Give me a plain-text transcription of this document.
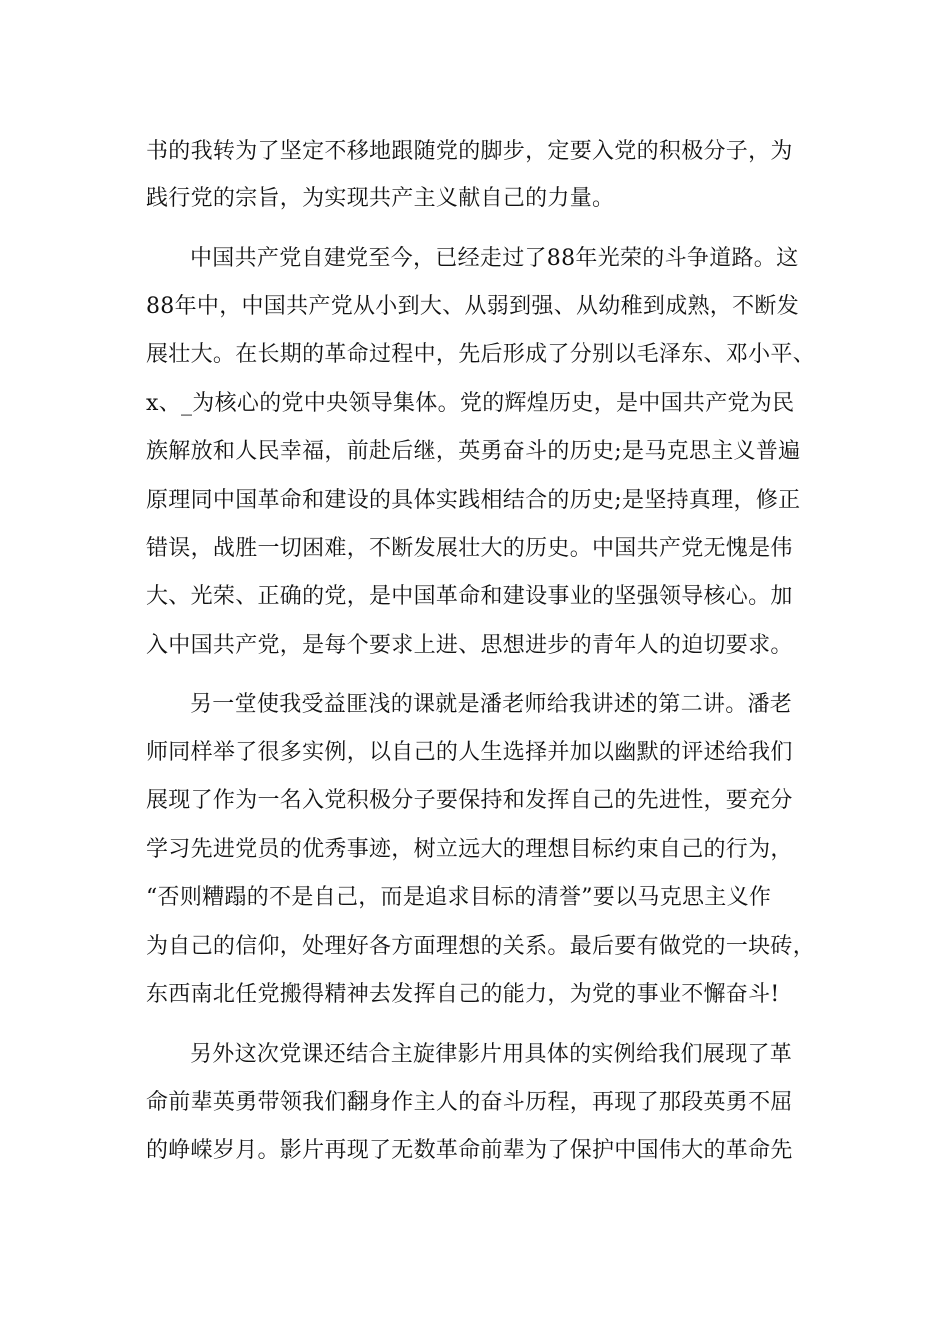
书的我转为了坚定不移地跟随党的脚步，定要入党的积极分子，为
践行党的宗旨，为实现共产主义献自己的力量。
中国共产党自建党至今，已经走过了88年光荣的斗争道路。这
88年中，中国共产党从小到大、从弱到强、从幼稚到成熟，不断发
展壮大。在长期的革命过程中，先后形成了分别以毛泽东、邓小平、
x、_为核心的党中央领导集体。党的辉煌历史，是中国共产党为民
族解放和人民幸福，前赴后继，英勇奋斗的历史;是马克思主义普遍
原理同中国革命和建设的具体实践相结合的历史;是坚持真理，修正
错误，战胜一切困难，不断发展壮大的历史。中国共产党无愧是伟
大、光荣、正确的党，是中国革命和建设事业的坚强领导核心。加
入中国共产党，是每个要求上进、思想进步的青年人的迫切要求。
另一堂使我受益匪浅的课就是潘老师给我讲述的第二讲。潘老
师同样举了很多实例，以自己的人生选择并加以幽默的评述给我们
展现了作为一名入党积极分子要保持和发挥自己的先进性，要充分
学习先进党员的优秀事迹，树立远大的理想目标约束自己的行为，
“否则糟蹋的不是自己，而是追求目标的清誉”要以马克思主义作
为自己的信仰，处理好各方面理想的关系。最后要有做党的一块砖，
东西南北任党搬得精神去发挥自己的能力，为党的事业不懈奋斗!
另外这次党课还结合主旋律影片用具体的实例给我们展现了革
命前辈英勇带领我们翻身作主人的奋斗历程，再现了那段英勇不屈
的峥嵘岁月。影片再现了无数革命前辈为了保护中国伟大的革命先
